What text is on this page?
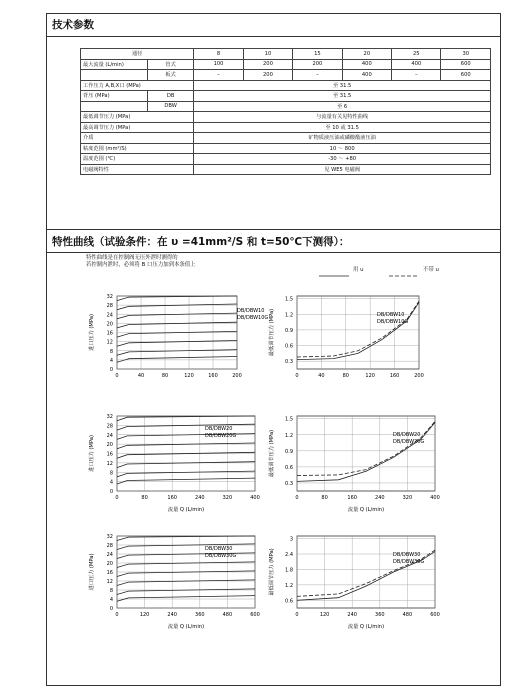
技术参数
通径		8	10	15	20	25	30
最大流量 (L/min)	管式	100	200	200	400	400	600
	板式	–	200	–	400	–	600
工作压力 A,B,X口 (MPa)		至 31.5					
背压 (MPa)	DB	至 31.5					
	DBW	至 6					
最低调节压力 (MPa)		与流量有关见特性曲线					
最高调节压力 (MPa)		至 10 或 31.5					
介质		矿物质液压油或磷酸酯液压油					
粘度范围 (mm²/S)		10 ～ 800					
温度范围 (℃)		-30 ～ +80					
电磁阀特性		见 WE5 电磁阀					
特性曲线（试验条件：在 υ =41mm²/S 和 t=50℃下测得）：
特性曲线是在控制阀无压外泄时测得的
若控制内泄时，必须将 B 口压力加到本条值上
用 u	不带 u
0	40	80	120	160	200
0
4
8
12
16
20
24
28
32
DB/DBW10
DB/DBW10G
进口压力 (MPa)
0	40	80	120	160	200
0.3
0.6
0.9
1.2
1.5
DB/DBW10
DB/DBW10G
最低调节压力 (MPa)
0	80	160	240	320	400
0
4
8
12
16
20
24
28
32
DB/DBW20
DB/DBW20G
进口压力 (MPa)
流量 Q (L/min)
0	80	160	240	320	400
0.3
0.6
0.9
1.2
1.5
DB/DBW20
DB/DBW20G
最低调节压力 (MPa)
流量 Q (L/min)
0	120	240	360	480	600
0
4
8
12
16
20
24
28
32
DB/DBW30
DB/DBW30G
进口压力 (MPa)
流量 Q (L/min)
0	120	240	360	480	600
0.6
1.2
1.8
2.4
3
DB/DBW30
DB/DBW30G
最低调节压力 (MPa)
流量 Q (L/min)
